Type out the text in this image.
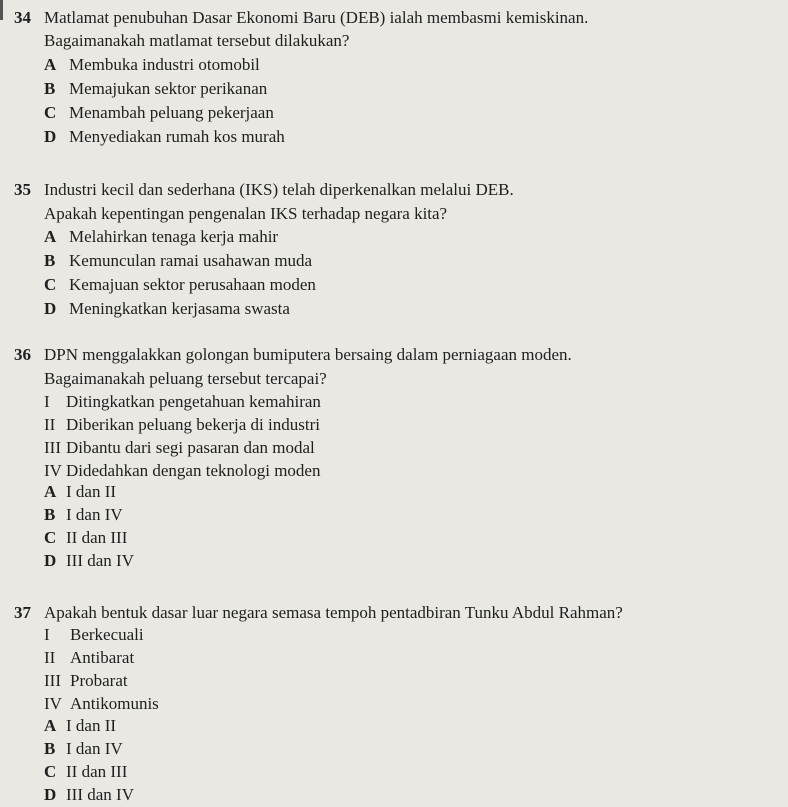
34 Matlamat penubuhan Dasar Ekonomi Baru (DEB) ialah membasmi kemiskinan.
Bagaimanakah matlamat tersebut dilakukan?
A Membuka industri otomobil
B Memajukan sektor perikanan
C Menambah peluang pekerjaan
D Menyediakan rumah kos murah
35 Industri kecil dan sederhana (IKS) telah diperkenalkan melalui DEB.
Apakah kepentingan pengenalan IKS terhadap negara kita?
A Melahirkan tenaga kerja mahir
B Kemunculan ramai usahawan muda
C Kemajuan sektor perusahaan moden
D Meningkatkan kerjasama swasta
36 DPN menggalakkan golongan bumiputera bersaing dalam perniagaan moden.
Bagaimanakah peluang tersebut tercapai?
I Ditingkatkan pengetahuan kemahiran
II Diberikan peluang bekerja di industri
III Dibantu dari segi pasaran dan modal
IV Didedahkan dengan teknologi moden
A I dan II
B I dan IV
C II dan III
D III dan IV
37 Apakah bentuk dasar luar negara semasa tempoh pentadbiran Tunku Abdul Rahman?
I Berkecuali
II Antibarat
III Probarat
IV Antikomunis
A I dan II
B I dan IV
C II dan III
D III dan IV
